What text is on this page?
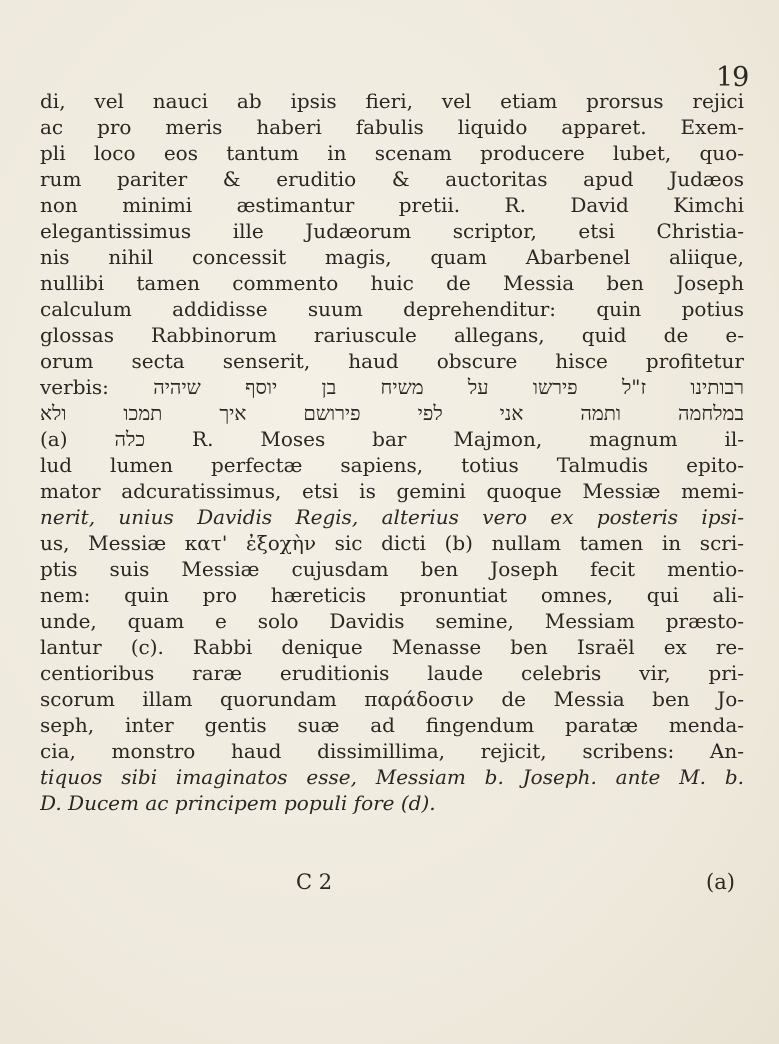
19
di, vel nauci ab ipsis fieri, vel etiam prorsus rejici
ac pro meris haberi fabulis liquido apparet. Exem-
pli loco eos tantum in scenam producere lubet, quo-
rum pariter & eruditio & auctoritas apud Judæos
non minimi æstimantur pretii. R. David Kimchi
elegantissimus ille Judæorum scriptor, etsi Christia-
nis nihil concessit magis, quam Abarbenel aliique,
nullibi tamen commento huic de Messia ben Joseph
calculum addidisse suum deprehenditur: quin potius
glossas Rabbinorum rariuscule allegans, quid de e-
orum secta senserit, haud obscure hisce profitetur
verbis: רבותינו ז"ל פירשו על משיח בן יוסף שיהיה
במלחמה ותמה אני לפי פירושם איך תמכו ולא
(a) כלה R. Moses bar Majmon, magnum il-
lud lumen perfectæ sapiens, totius Talmudis epito-
mator adcuratissimus, etsi is gemini quoque Messiæ memi-
nerit, unius Davidis Regis, alterius vero ex posteris ipsi-
us, Messiæ κατ' ἐξοχὴν sic dicti (b) nullam tamen in scri-
ptis suis Messiæ cujusdam ben Joseph fecit mentio-
nem: quin pro hæreticis pronuntiat omnes, qui ali-
unde, quam e solo Davidis semine, Messiam præsto-
lantur (c). Rabbi denique Menasse ben Israël ex re-
centioribus raræ eruditionis laude celebris vir, pri-
scorum illam quorundam παράδοσιν de Messia ben Jo-
seph, inter gentis suæ ad fingendum paratæ menda-
cia, monstro haud dissimillima, rejicit, scribens: An-
tiquos sibi imaginatos esse, Messiam b. Joseph. ante M. b.
D. Ducem ac principem populi fore (d).
C 2	(a)
